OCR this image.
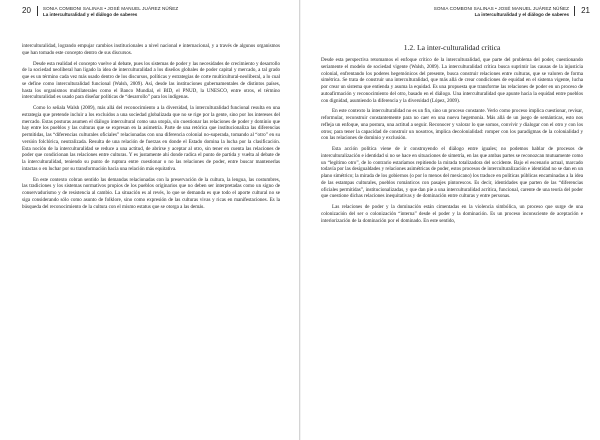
20	SONIA COMBONI SALINAS • JOSÉ MANUEL JUÁREZ NÚÑEZ
La interculturalidad y el diálogo de saberes

interculturalidad, logrando empujar cambios institucionales a nivel nacional e internacional, y a través de algunos organismos que han tomado este concepto dentro de sus discursos.

Desde esta realidad el concepto vuelve al debate, pues los sistemas de poder y las necesidades de crecimiento y desarrollo de la sociedad neoliberal han ligado la idea de interculturalidad a los diseños globales de poder capital y mercado, a tal grado que es un término cada vez más usado dentro de los discursos, políticas y estrategias de corte multicultural-neoliberal, a lo cual se define como interculturalidad funcional (Walsh, 2009). Así, desde las instituciones gubernamentales de distintos países, hasta los organismos multilaterales como el Banco Mundial, el BID, el PNUD, la UNESCO, entre otros, el término interculturalidad es usado para diseñar políticas de “desarrollo” para los indígenas.

Como lo señala Walsh (2009), más allá del reconocimiento a la diversidad, la interculturalidad funcional resulta en una estrategia que pretende incluir a los excluidos a una sociedad globalizada que no se rige por la gente, sino por los intereses del mercado. Estas posturas asumen el diálogo intercultural como una utopía, sin cuestionar las relaciones de poder y dominio que hay entre los pueblos y las culturas que se expresan en la asimetría. Parte de una retórica que institucionaliza las diferencias permitidas, las “diferencias culturales oficiales” relacionadas con una diferencia colonial no-superada, tomando al “otro” en su versión folclórica, neutralizada. Resulta de una relación de fuerzas en donde el Estado domina la lucha por la clasificación. Esta noción de la interculturalidad se reduce a una actitud, de abrirse y aceptar al otro, sin tener en cuenta las relaciones de poder que condicionan las relaciones entre culturas. Y es justamente ahí donde radica el punto de partida y vuelta al debate de la interculturalidad, teniendo su punto de ruptura entre cuestionar o no las relaciones de poder, entre buscar mantenerlas intactas o en luchar por su transformación hacia una relación más equitativa.

En este contexto cobran sentido las demandas relacionadas con la preservación de la cultura, la lengua, las costumbres, las tradiciones y los sistemas normativos propios de los pueblos originarios que no deben ser interpretadas como un signo de conservadurismo y de resistencia al cambio. La situación es al revés, lo que se demanda es que todo el aporte cultural no se siga considerando sólo como asunto de folklore, sino como expresión de las culturas vivas y ricas en manifestaciones. Es la búsqueda del reconocimiento de la cultura con el mismo estatus que se otorga a las demás.

21
SONIA COMBONI SALINAS • JOSÉ MANUEL JUÁREZ NÚÑEZ
La interculturalidad y el diálogo de saberes
1.2. La inter-culturalidad crítica

Desde esta perspectiva retomamos el enfoque crítico de la interculturalidad, que parte del problema del poder, cuestionando seriamente el modelo de sociedad vigente (Walsh, 2009). La interculturalidad crítica busca suprimir las causas de la injusticia colonial, enfrentando los poderes hegemónicos del presente, busca construir relaciones entre culturas, que se valoren de forma simétrica. Se trata de construir una interculturalidad, que más allá de crear condiciones de equidad en el sistema vigente, lucha por crear un sistema que entienda y asuma la equidad. Es una propuesta que transforme las relaciones de poder en un proceso de autoafirmación y reconocimiento del otro, basado en el diálogo. Una interculturalidad que apunte hacia la equidad entre pueblos con dignidad, asumiendo la diferencia y la diversidad (López, 2009).

En este contexto la interculturalidad no es un fin, sino un proceso constante. Verlo como proceso implica cuestionar, revisar, reformular, reconstruir constantemente para no caer en una nueva hegemonía. Más allá de un juego de semánticas, esto nos refleja un enfoque, una postura, una actitud a seguir. Reconocer y valorar lo que somos, convivir y dialogar con el otro y con los otros; para tener la capacidad de construir un nosotros, implica decolonialidad: romper con los paradigmas de la colonialidad y con las relaciones de dominio y exclusión.

Esta acción política viene de ir construyendo el diálogo entre iguales; no podemos hablar de procesos de interculturalización e identidad si no se hace en situaciones de simetría, en las que ambas partes se reconozcan mutuamente como un “legítimo otro”, de lo contrario estaríamos repitiendo la mirada totalizadora del occidente. Bajo el escenario actual, marcado todavía por las desigualdades y relaciones asimétricas de poder, estos procesos de interculturalización e identidad no se dan en un plano simétrico; la mirada de los gobiernos (o por lo menos del mexicano) los traduce en políticas públicas encaminadas a la idea de las estampas culturales, pueblos románticos con pasajes pintorescos. Es decir, identidades que parten de las “diferencias oficiales permitidas”, institucionalizadas, y que dan pie a una interculturalidad acrítica, funcional, carente de una teoría del poder que cuestione dichas relaciones inequitativas y de dominación entre culturas y entre personas.

Las relaciones de poder y la dominación están cimentadas en la violencia simbólica, un proceso que surge de una colonización del ser o colonización “interna” desde el poder y la dominación. Es un proceso inconsciente de aceptación e interiorización de la dominación por el dominado. En este sentido,
